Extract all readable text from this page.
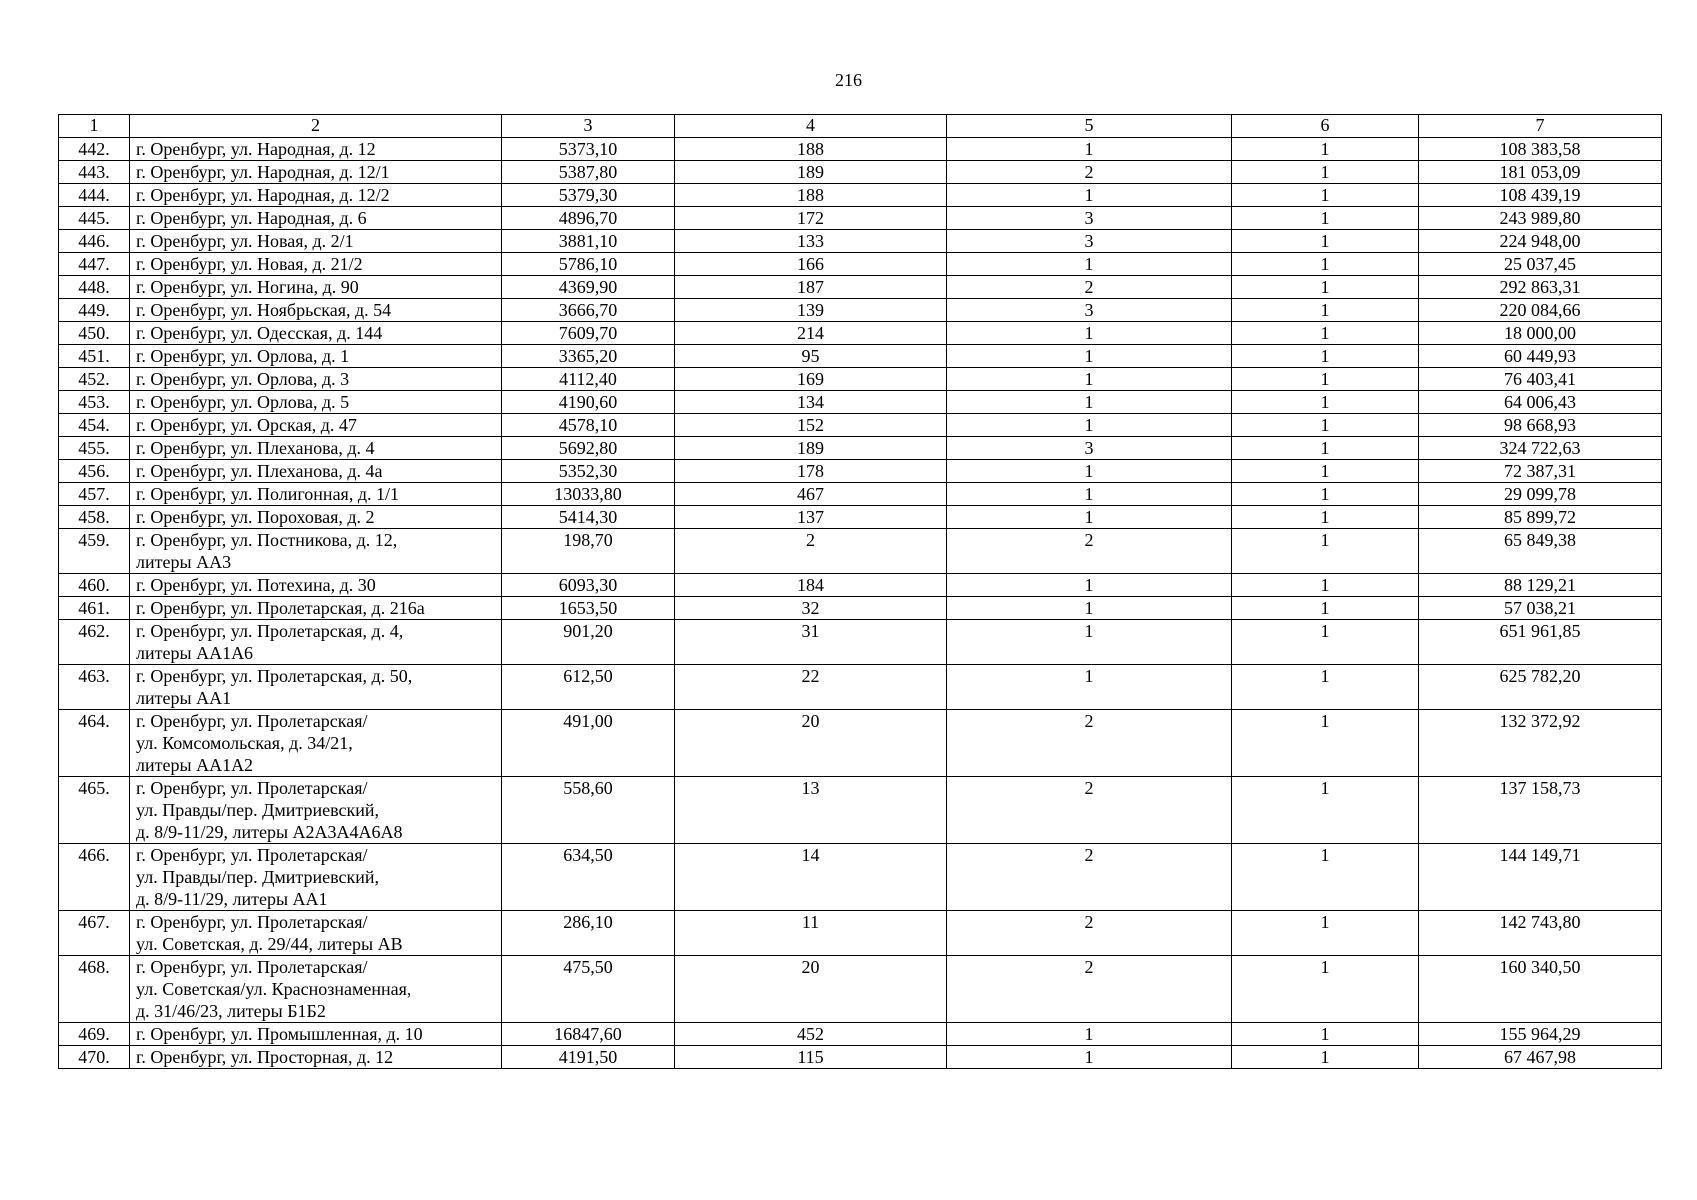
216
1	2	3	4	5	6	7
442.	г. Оренбург, ул. Народная, д. 12	5373,10	188	1	1	108 383,58
443.	г. Оренбург, ул. Народная, д. 12/1	5387,80	189	2	1	181 053,09
444.	г. Оренбург, ул. Народная, д. 12/2	5379,30	188	1	1	108 439,19
445.	г. Оренбург, ул. Народная, д. 6	4896,70	172	3	1	243 989,80
446.	г. Оренбург, ул. Новая, д. 2/1	3881,10	133	3	1	224 948,00
447.	г. Оренбург, ул. Новая, д. 21/2	5786,10	166	1	1	25 037,45
448.	г. Оренбург, ул. Ногина, д. 90	4369,90	187	2	1	292 863,31
449.	г. Оренбург, ул. Ноябрьская, д. 54	3666,70	139	3	1	220 084,66
450.	г. Оренбург, ул. Одесская, д. 144	7609,70	214	1	1	18 000,00
451.	г. Оренбург, ул. Орлова, д. 1	3365,20	95	1	1	60 449,93
452.	г. Оренбург, ул. Орлова, д. 3	4112,40	169	1	1	76 403,41
453.	г. Оренбург, ул. Орлова, д. 5	4190,60	134	1	1	64 006,43
454.	г. Оренбург, ул. Орская, д. 47	4578,10	152	1	1	98 668,93
455.	г. Оренбург, ул. Плеханова, д. 4	5692,80	189	3	1	324 722,63
456.	г. Оренбург, ул. Плеханова, д. 4а	5352,30	178	1	1	72 387,31
457.	г. Оренбург, ул. Полигонная, д. 1/1	13033,80	467	1	1	29 099,78
458.	г. Оренбург, ул. Пороховая, д. 2	5414,30	137	1	1	85 899,72
459.	г. Оренбург, ул. Постникова, д. 12,
литеры АА3	198,70	2	2	1	65 849,38
460.	г. Оренбург, ул. Потехина, д. 30	6093,30	184	1	1	88 129,21
461.	г. Оренбург, ул. Пролетарская, д. 216а	1653,50	32	1	1	57 038,21
462.	г. Оренбург, ул. Пролетарская, д. 4,
литеры АА1А6	901,20	31	1	1	651 961,85
463.	г. Оренбург, ул. Пролетарская, д. 50,
литеры АА1	612,50	22	1	1	625 782,20
464.	г. Оренбург, ул. Пролетарская/
ул. Комсомольская, д. 34/21,
литеры АА1А2	491,00	20	2	1	132 372,92
465.	г. Оренбург, ул. Пролетарская/
ул. Правды/пер. Дмитриевский,
д. 8/9-11/29, литеры А2А3А4А6А8	558,60	13	2	1	137 158,73
466.	г. Оренбург, ул. Пролетарская/
ул. Правды/пер. Дмитриевский,
д. 8/9-11/29, литеры АА1	634,50	14	2	1	144 149,71
467.	г. Оренбург, ул. Пролетарская/
ул. Советская, д. 29/44, литеры АВ	286,10	11	2	1	142 743,80
468.	г. Оренбург, ул. Пролетарская/
ул. Советская/ул. Краснознаменная,
д. 31/46/23, литеры Б1Б2	475,50	20	2	1	160 340,50
469.	г. Оренбург, ул. Промышленная, д. 10	16847,60	452	1	1	155 964,29
470.	г. Оренбург, ул. Просторная, д. 12	4191,50	115	1	1	67 467,98
